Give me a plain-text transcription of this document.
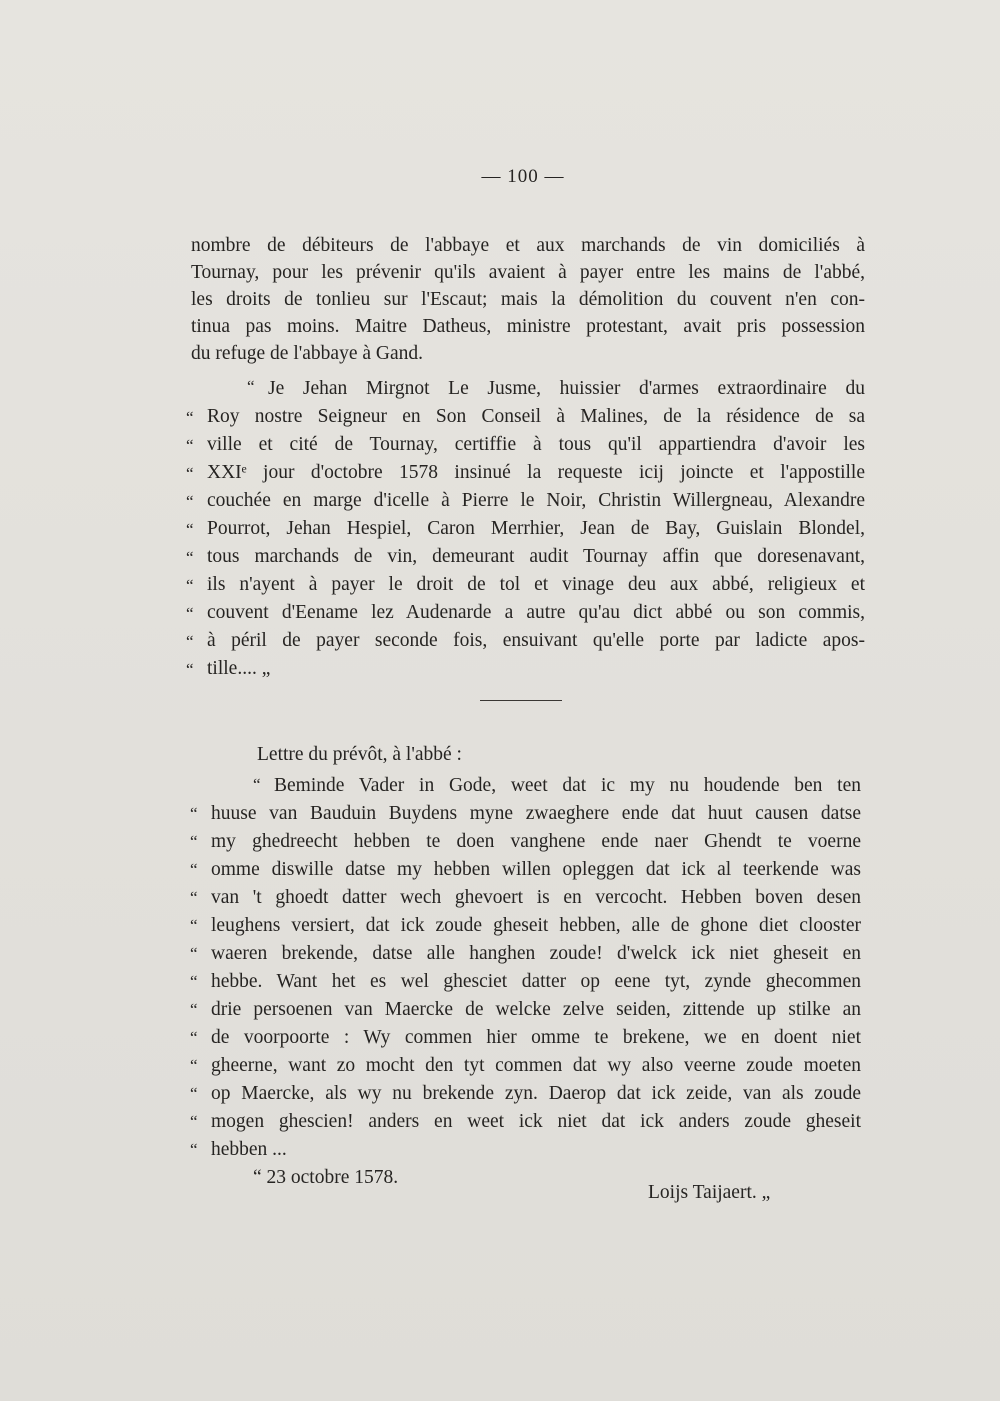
— 100 —
nombre de débiteurs de l'abbaye et aux marchands de vin domiciliés à
Tournay, pour les prévenir qu'ils avaient à payer entre les mains de l'abbé,
les droits de tonlieu sur l'Escaut; mais la démolition du couvent n'en con-
tinua pas moins. Maitre Datheus, ministre protestant, avait pris possession
du refuge de l'abbaye à Gand.
“ Je Jehan Mirgnot Le Jusme, huissier d'armes extraordinaire du
“ Roy nostre Seigneur en Son Conseil à Malines, de la résidence de sa
“ ville et cité de Tournay, certiffie à tous qu'il appartiendra d'avoir les
“ XXIᵉ jour d'octobre 1578 insinué la requeste icij joincte et l'appostille
“ couchée en marge d'icelle à Pierre le Noir, Christin Willergneau, Alexandre
“ Pourrot, Jehan Hespiel, Caron Merrhier, Jean de Bay, Guislain Blondel,
“ tous marchands de vin, demeurant audit Tournay affin que doresenavant,
“ ils n'ayent à payer le droit de tol et vinage deu aux abbé, religieux et
“ couvent d'Eename lez Audenarde a autre qu'au dict abbé ou son commis,
“ à péril de payer seconde fois, ensuivant qu'elle porte par ladicte apos-
“ tille.... „
Lettre du prévôt, à l'abbé :
“ Beminde Vader in Gode, weet dat ic my nu houdende ben ten
“ huuse van Bauduin Buydens myne zwaeghere ende dat huut causen datse
“ my ghedreecht hebben te doen vanghene ende naer Ghendt te voerne
“ omme diswille datse my hebben willen opleggen dat ick al teerkende was
“ van 't ghoedt datter wech ghevoert is en vercocht. Hebben boven desen
“ leughens versiert, dat ick zoude gheseit hebben, alle de ghone diet clooster
“ waeren brekende, datse alle hanghen zoude! d'welck ick niet gheseit en
“ hebbe. Want het es wel ghesciet datter op eene tyt, zynde ghecommen
“ drie persoenen van Maercke de welcke zelve seiden, zittende up stilke an
“ de voorpoorte : Wy commen hier omme te brekene, we en doent niet
“ gheerne, want zo mocht den tyt commen dat wy also veerne zoude moeten
“ op Maercke, als wy nu brekende zyn. Daerop dat ick zeide, van als zoude
“ mogen ghescien! anders en weet ick niet dat ick anders zoude gheseit
“ hebben ...
“ 23 octobre 1578.
Loijs Taijaert. „
